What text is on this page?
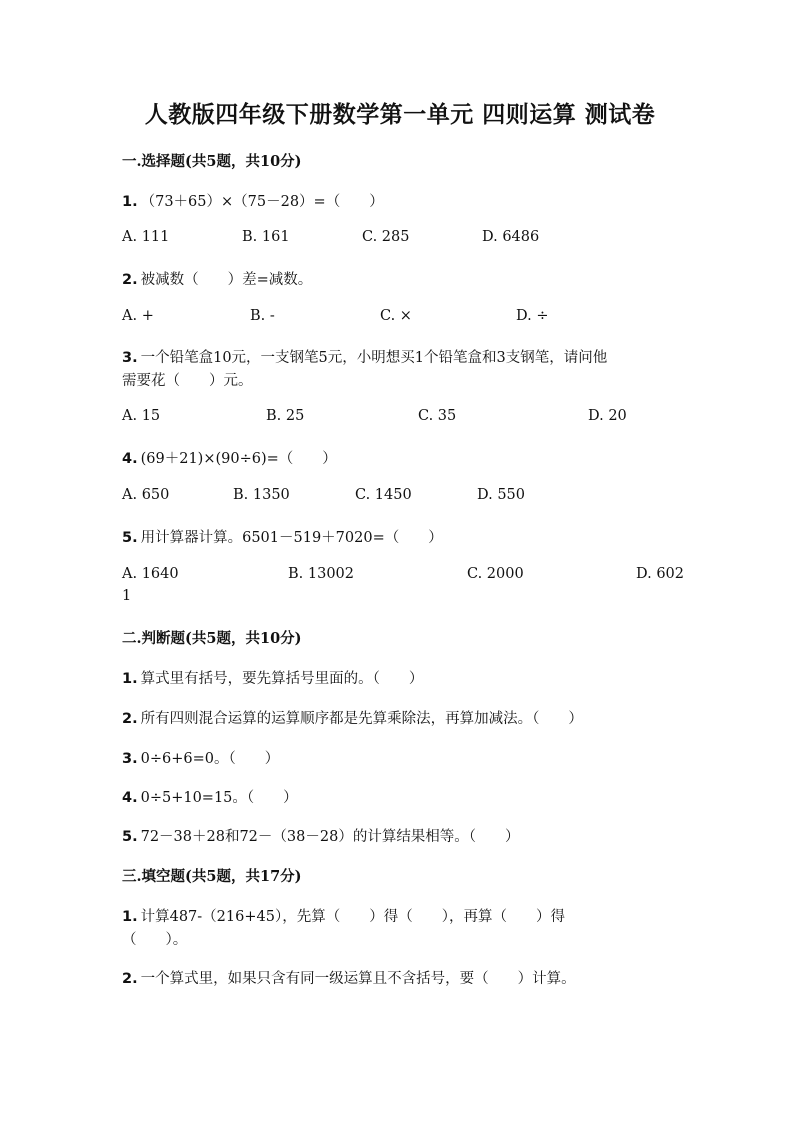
人教版四年级下册数学第一单元 四则运算 测试卷
一.选择题(共5题，共10分)
1. （73＋65）×（75－28）=（　　）
A. 111	B. 161	C. 285	D. 6486
2. 被减数（　　）差=减数。
A. +	B. -	C. ×	D. ÷
3. 一个铅笔盒10元，一支钢笔5元，小明想买1个铅笔盒和3支钢笔，请问他
需要花（　　）元。
A. 15	B. 25	C. 35	D. 20
4. (69＋21)×(90÷6)=（　　）
A. 650	B. 1350	C. 1450	D. 550
5. 用计算器计算。6501－519＋7020=（　　）
A. 1640	B. 13002	C. 2000	D. 602
1
二.判断题(共5题，共10分)
1. 算式里有括号，要先算括号里面的。（　　）
2. 所有四则混合运算的运算顺序都是先算乘除法，再算加减法。（　　）
3. 0÷6+6=0。（　　）
4. 0÷5+10=15。（　　）
5. 72－38＋28和72－（38－28）的计算结果相等。（　　）
三.填空题(共5题，共17分)
1. 计算487-（216+45），先算（　　）得（　　），再算（　　）得
（　　）。
2. 一个算式里，如果只含有同一级运算且不含括号，要（　　）计算。
